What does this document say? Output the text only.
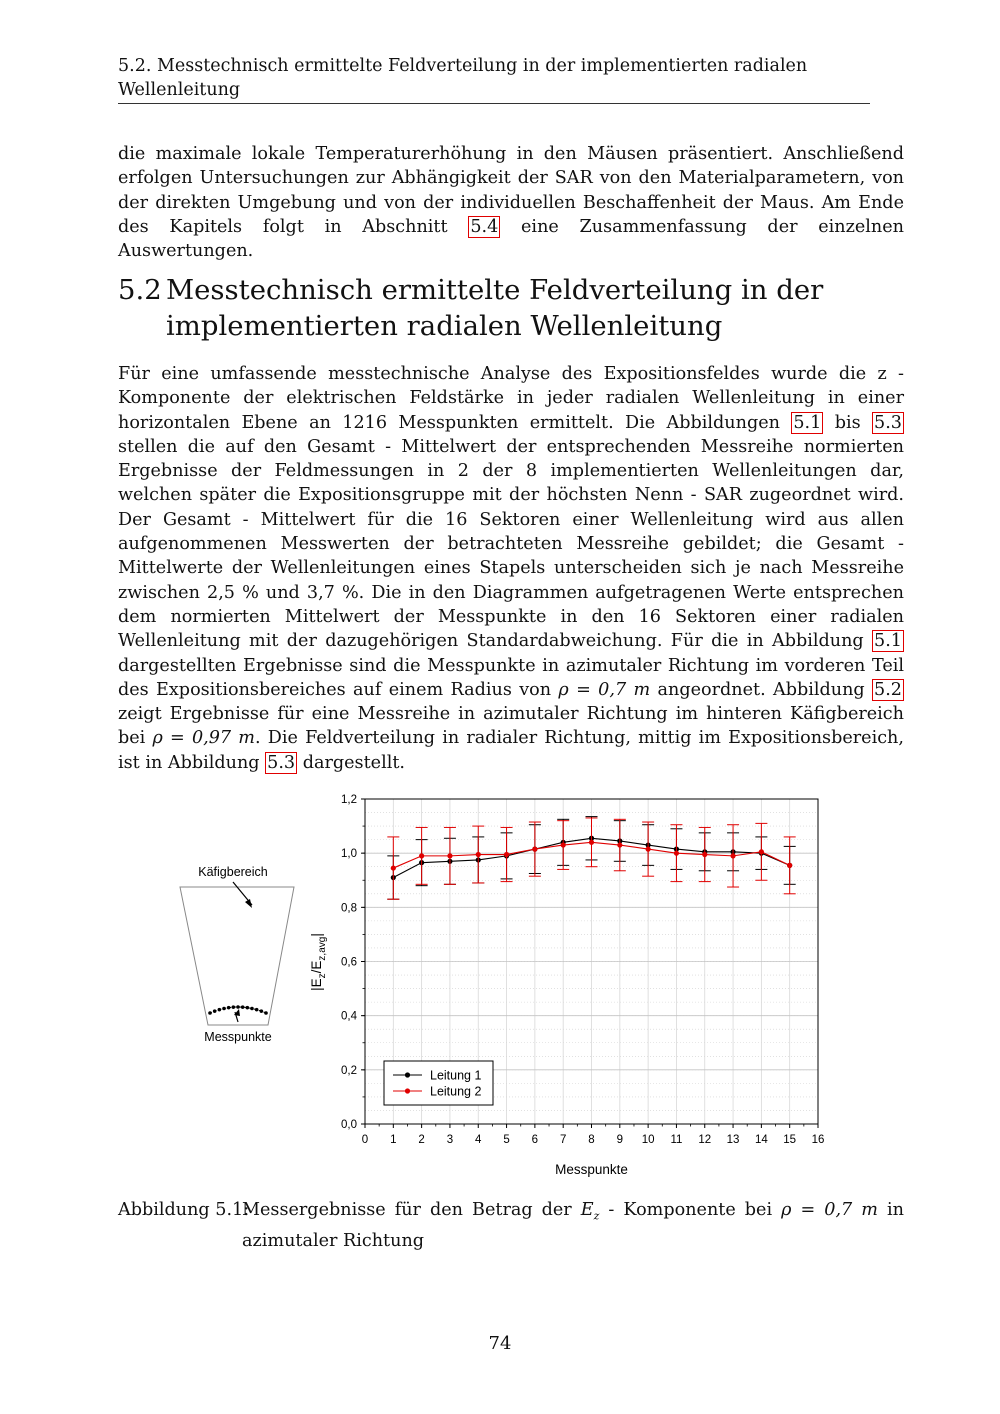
5.2. Messtechnisch ermittelte Feldverteilung in der implementierten radialen
Wellenleitung

die maximale lokale Temperaturerhöhung in den Mäusen präsentiert. Anschließend erfolgen Untersuchungen zur Abhängigkeit der SAR von den Materialparametern, von der direkten Umgebung und von der individuellen Beschaffenheit der Maus. Am Ende des Kapitels folgt in Abschnitt 5.4 eine Zusammenfassung der einzelnen Auswertungen.

5.2 Messtechnisch ermittelte Feldverteilung in der
implementierten radialen Wellenleitung

Für eine umfassende messtechnische Analyse des Expositionsfeldes wurde die z - Komponente der elektrischen Feldstärke in jeder radialen Wellenleitung in einer horizontalen Ebene an 1216 Messpunkten ermittelt. Die Abbildungen 5.1 bis 5.3 stellen die auf den Gesamt - Mittelwert der entsprechenden Messreihe normierten Ergebnisse der Feldmessungen in 2 der 8 implementierten Wellenleitungen dar, welchen später die Expositionsgruppe mit der höchsten Nenn - SAR zugeordnet wird. Der Gesamt - Mittelwert für die 16 Sektoren einer Wellenleitung wird aus allen aufgenommenen Messwerten der betrachteten Messreihe gebildet; die Gesamt - Mittelwerte der Wellenleitungen eines Stapels unterscheiden sich je nach Messreihe zwischen 2,5 % und 3,7 %. Die in den Diagrammen aufgetragenen Werte entsprechen dem normierten Mittelwert der Messpunkte in den 16 Sektoren einer radialen Wellenleitung mit der dazugehörigen Standardabweichung. Für die in Abbildung 5.1 dargestellten Ergebnisse sind die Messpunkte in azimutaler Richtung im vorderen Teil des Expositionsbereiches auf einem Radius von ρ = 0,7 m angeordnet. Abbildung 5.2 zeigt Ergebnisse für eine Messreihe in azimutaler Richtung im hinteren Käfigbereich bei ρ = 0,97 m. Die Feldverteilung in radialer Richtung, mittig im Expositionsbereich, ist in Abbildung 5.3 dargestellt.

Käfigbereich
Messpunkte
0 1 2 3 4 5 6 7 8 9 10 11 12 13 14 15 16
0,0
0,2
0,4
0,6
0,8
1,0
1,2
Messpunkte
$|E_z/E_{z,avg}|$
Leitung 1
Leitung 2
Abbildung 5.1:
Messergebnisse für den Betrag der $E_z$ - Komponente bei ρ = 0,7 m in azimutaler Richtung
74
